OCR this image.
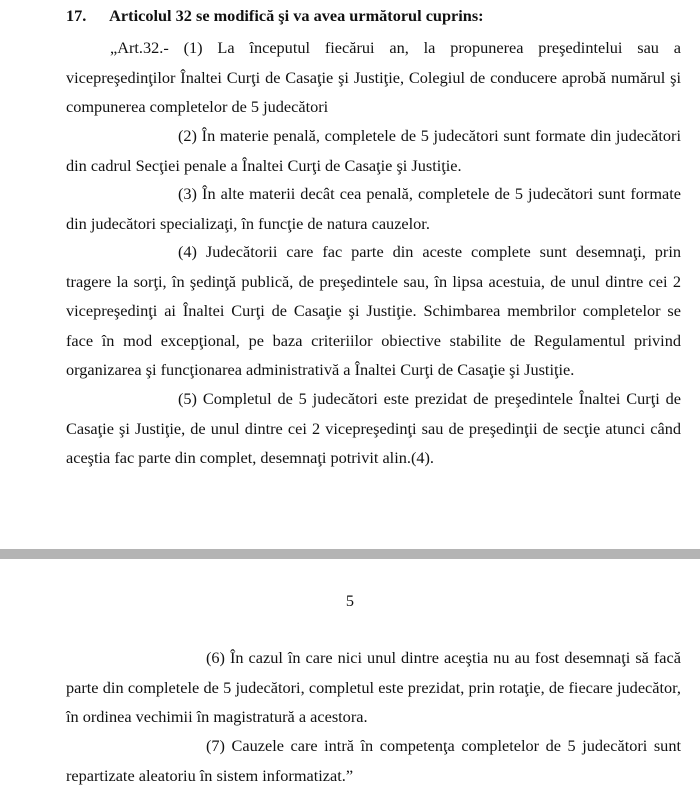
17. Articolul 32 se modifică şi va avea următorul cuprins:
„Art.32.- (1) La începutul fiecărui an, la propunerea preşedintelui sau a vicepreşedinţilor Înaltei Curţi de Casaţie şi Justiţie, Colegiul de conducere aprobă numărul şi compunerea completelor de 5 judecători
(2) În materie penală, completele de 5 judecători sunt formate din judecători din cadrul Secţiei penale a Înaltei Curţi de Casaţie şi Justiţie.
(3) În alte materii decât cea penală, completele de 5 judecători sunt formate din judecători specializaţi, în funcţie de natura cauzelor.
(4) Judecătorii care fac parte din aceste complete sunt desemnaţi, prin tragere la sorţi, în şedinţă publică, de preşedintele sau, în lipsa acestuia, de unul dintre cei 2 vicepreşedinţi ai Înaltei Curţi de Casaţie şi Justiţie. Schimbarea membrilor completelor se face în mod excepţional, pe baza criteriilor obiective stabilite de Regulamentul privind organizarea şi funcţionarea administrativă a Înaltei Curţi de Casaţie şi Justiţie.
(5) Completul de 5 judecători este prezidat de preşedintele Înaltei Curţi de Casaţie şi Justiţie, de unul dintre cei 2 vicepreşedinţi sau de preşedinţii de secţie atunci când aceştia fac parte din complet, desemnaţi potrivit alin.(4).
5
(6) În cazul în care nici unul dintre aceştia nu au fost desemnaţi să facă parte din completele de 5 judecători, completul este prezidat, prin rotaţie, de fiecare judecător, în ordinea vechimii în magistratură a acestora.
(7) Cauzele care intră în competenţa completelor de 5 judecători sunt repartizate aleatoriu în sistem informatizat.”
